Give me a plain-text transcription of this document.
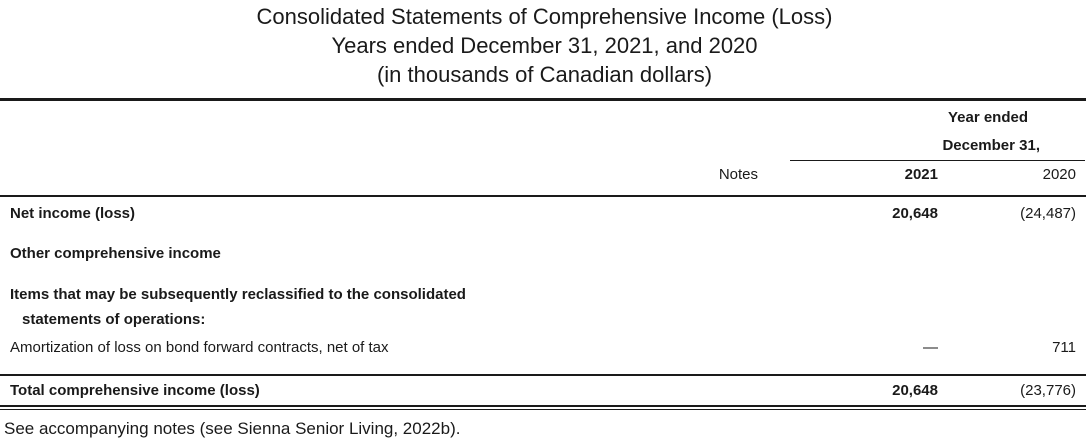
Consolidated Statements of Comprehensive Income (Loss)
Years ended December 31, 2021, and 2020
(in thousands of Canadian dollars)
Year ended
December 31,
Notes	2021	2020
Net income (loss)	20,648	(24,487)
Other comprehensive income
Items that may be subsequently reclassified to the consolidated
statements of operations:
Amortization of loss on bond forward contracts, net of tax	—	711
Total comprehensive income (loss)	20,648	(23,776)
See accompanying notes (see Sienna Senior Living, 2022b).
